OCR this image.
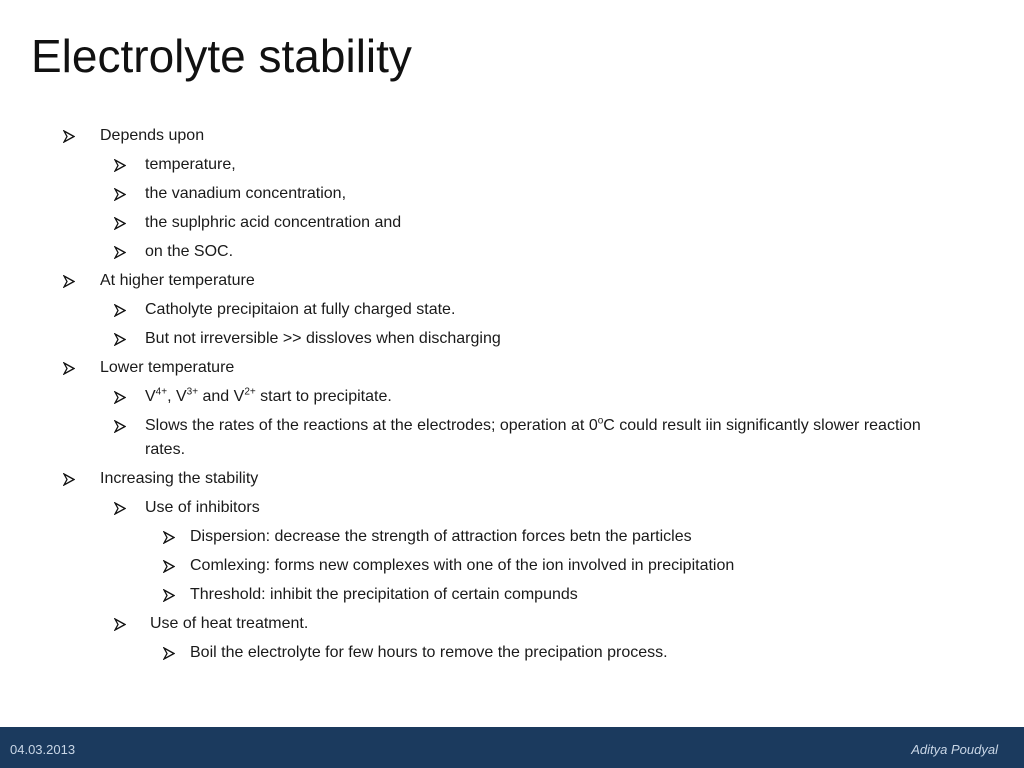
Electrolyte stability
Depends upon
temperature,
the vanadium concentration,
the suplphric acid concentration and
on the SOC.
At higher temperature
Catholyte precipitaion at fully charged state.
But not irreversible >> dissloves when discharging
Lower temperature
$V^{4+}$, $V^{3+}$ and $V^{2+}$ start to precipitate.
Slows the rates of the reactions at the electrodes; operation at 0$^o$C could result iin significantly slower reaction rates.
Increasing the stability
Use of inhibitors
Dispersion: decrease the strength of attraction forces betn the particles
Comlexing: forms new complexes with one of the ion involved in precipitation
Threshold: inhibit the precipitation of certain compunds
Use of heat treatment.
Boil the electrolyte for few hours to remove the precipation process.
04.03.2013	Aditya Poudyal
